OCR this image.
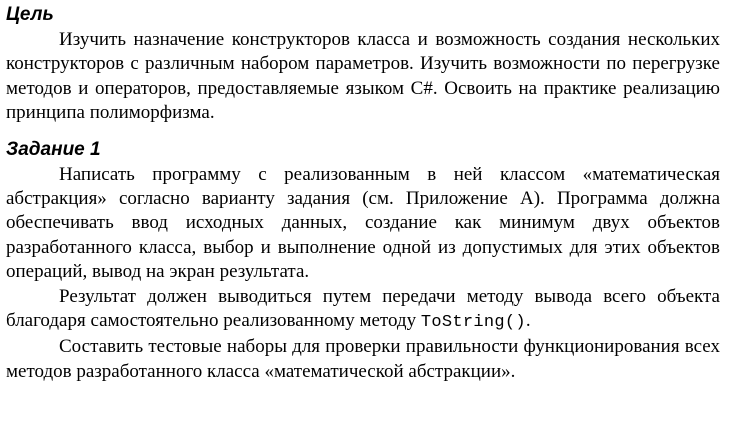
Цель

Изучить назначение конструкторов класса и возможность создания нескольких конструкторов с различным набором параметров. Изучить возможности по перегрузке методов и операторов, предоставляемые языком C#. Освоить на практике реализацию принципа полиморфизма.

Задание 1

Написать программу с реализованным в ней классом «математическая абстракция» согласно варианту задания (см. Приложение А). Программа должна обеспечивать ввод исходных данных, создание как минимум двух объектов разработанного класса, выбор и выполнение одной из допустимых для этих объектов операций, вывод на экран результата.

Результат должен выводиться путем передачи методу вывода всего объекта благодаря самостоятельно реализованному методу ToString().

Составить тестовые наборы для проверки правильности функционирования всех методов разработанного класса «математической абстракции».
